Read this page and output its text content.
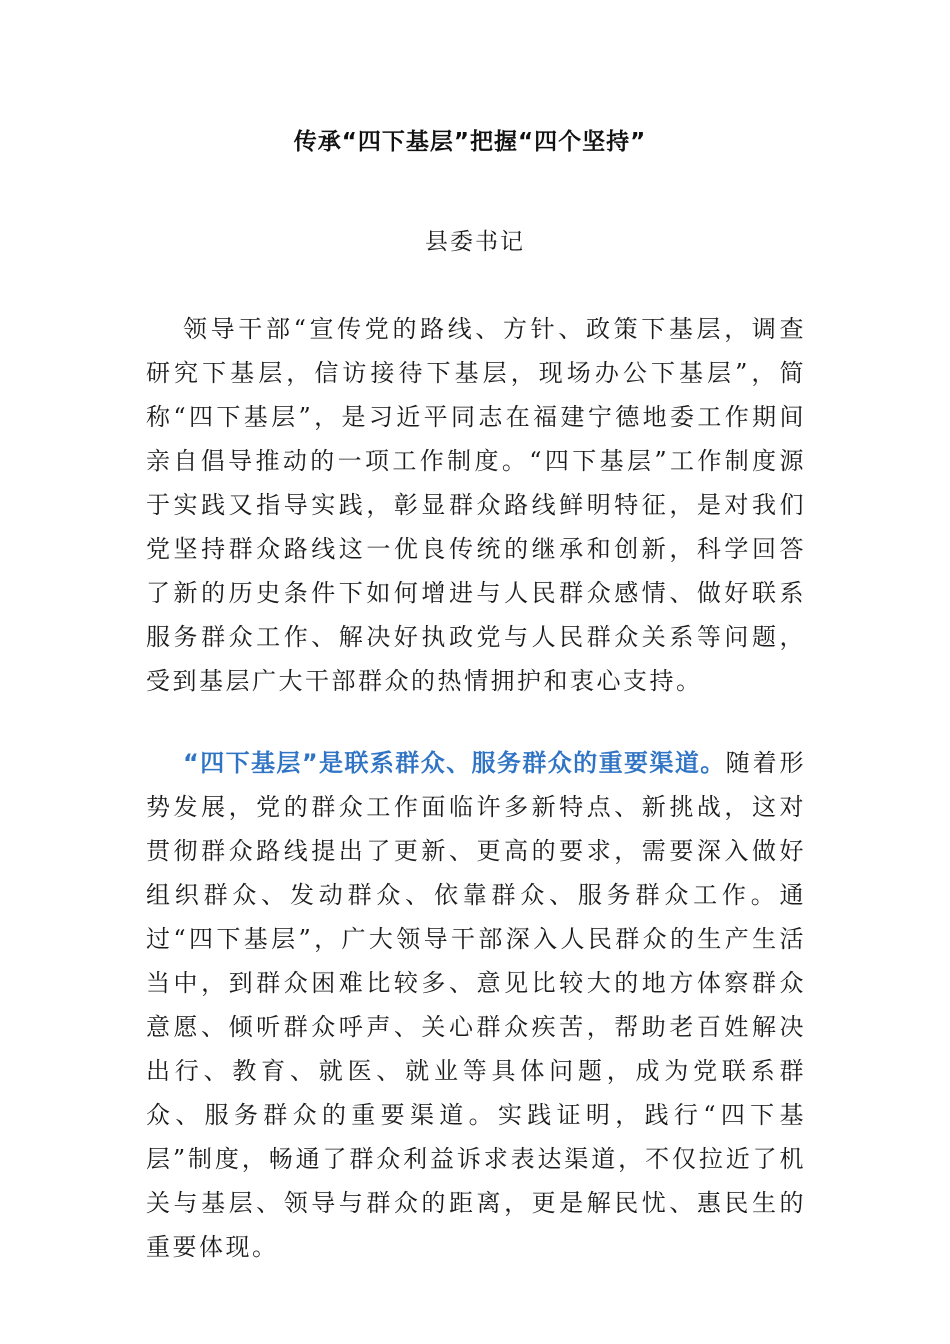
传承“四下基层”把握“四个坚持”

县委书记

领导干部“宣传党的路线、方针、政策下基层，调查研究下基层，信访接待下基层，现场办公下基层”，简称“四下基层”，是习近平同志在福建宁德地委工作期间亲自倡导推动的一项工作制度。“四下基层”工作制度源于实践又指导实践，彰显群众路线鲜明特征，是对我们党坚持群众路线这一优良传统的继承和创新，科学回答了新的历史条件下如何增进与人民群众感情、做好联系服务群众工作、解决好执政党与人民群众关系等问题，受到基层广大干部群众的热情拥护和衷心支持。

“四下基层”是联系群众、服务群众的重要渠道。随着形势发展，党的群众工作面临许多新特点、新挑战，这对贯彻群众路线提出了更新、更高的要求，需要深入做好组织群众、发动群众、依靠群众、服务群众工作。通过“四下基层”，广大领导干部深入人民群众的生产生活当中，到群众困难比较多、意见比较大的地方体察群众意愿、倾听群众呼声、关心群众疾苦，帮助老百姓解决出行、教育、就医、就业等具体问题，成为党联系群众、服务群众的重要渠道。实践证明，践行“四下基层”制度，畅通了群众利益诉求表达渠道，不仅拉近了机关与基层、领导与群众的距离，更是解民忧、惠民生的重要体现。
